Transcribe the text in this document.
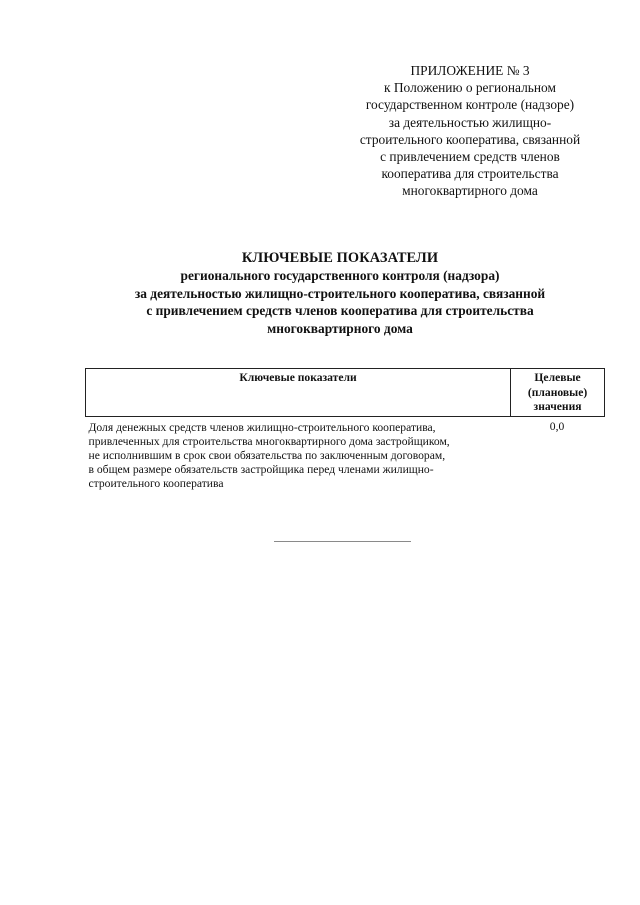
ПРИЛОЖЕНИЕ № 3
к Положению о региональном
государственном контроле (надзоре)
за деятельностью жилищно-
строительного кооператива, связанной
с привлечением средств членов
кооператива для строительства
многоквартирного дома
КЛЮЧЕВЫЕ ПОКАЗАТЕЛИ
регионального государственного контроля (надзора)
за деятельностью жилищно-строительного кооператива, связанной
с привлечением средств членов кооператива для строительства
многоквартирного дома
Ключевые показатели	Целевые
(плановые)
значения

Доля денежных средств членов жилищно-строительного кооператива,
привлеченных для строительства многоквартирного дома застройщиком,
не исполнившим в срок свои обязательства по заключенным договорам,
в общем размере обязательств застройщика перед членами жилищно-
строительного кооператива	0,0
